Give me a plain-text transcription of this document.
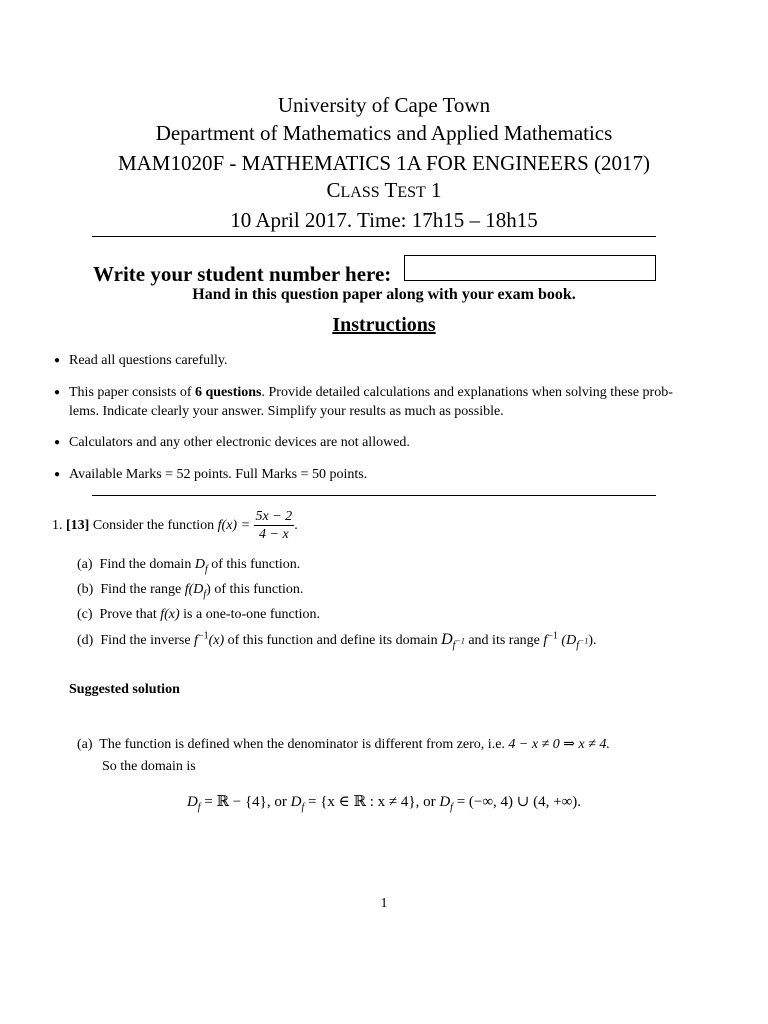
University of Cape Town
Department of Mathematics and Applied Mathematics
MAM1020F - MATHEMATICS 1A FOR ENGINEERS (2017)
CLASS TEST 1
10 April 2017. Time: 17h15 – 18h15
Write your student number here:
Hand in this question paper along with your exam book.
Instructions
● Read all questions carefully.
● This paper consists of 6 questions. Provide detailed calculations and explanations when solving these prob-
lems. Indicate clearly your answer. Simplify your results as much as possible.
● Calculators and any other electronic devices are not allowed.
● Available Marks = 52 points. Full Marks = 50 points.
1. [13] Consider the function $f(x) = \frac{5x - 2}{4 - x}$ .
(a) Find the domain $D_f$ of this function.
(b) Find the range $f(D_f)$ of this function.
(c) Prove that f(x) is a one-to-one function.
(d) Find the inverse $f^{-1}(x)$ of this function and define its domain $D_{f^{-1}}$ and its range $f^{-1}$ $(D_{f^{-1}})$.
Suggested solution
(a) The function is defined when the denominator is different from zero, i.e. 4 − x ≠ 0 ⇒ x ≠ 4.
So the domain is
$D_f$ = ℝ − {4}, or $D_f = \{x$ ∈ ℝ : x ≠ 4}, or $D_f$ = (−∞, 4) ∪ (4, +∞).
1
